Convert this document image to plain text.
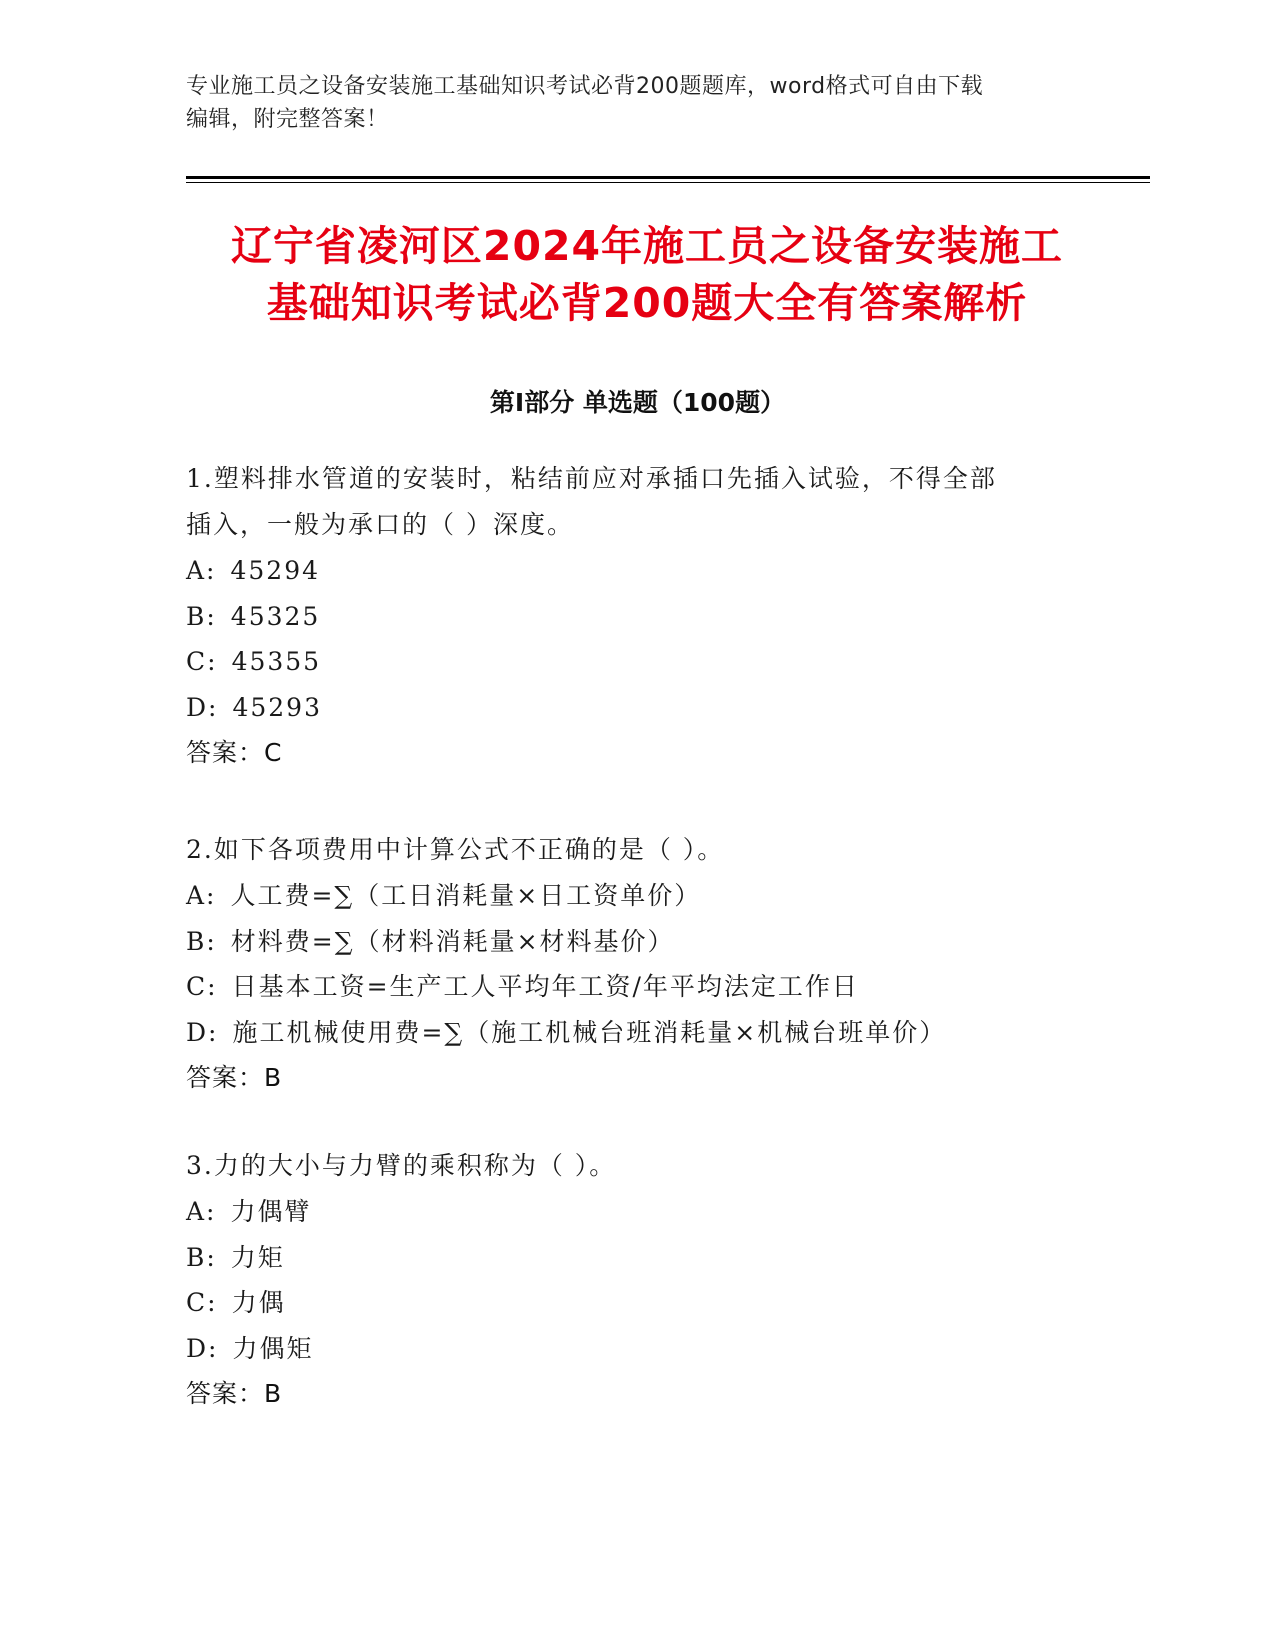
专业施工员之设备安装施工基础知识考试必背200题题库，word格式可自由下载
编辑，附完整答案！
辽宁省凌河区2024年施工员之设备安装施工
基础知识考试必背200题大全有答案解析
第Ⅰ部分 单选题（100题）
1.塑料排水管道的安装时，粘结前应对承插口先插入试验，不得全部
插入，一般为承口的（ ）深度。
A: 45294
B: 45325
C: 45355
D: 45293
答案：C
2.如下各项费用中计算公式不正确的是（ ）。
A: 人工费=∑（工日消耗量×日工资单价）
B: 材料费=∑（材料消耗量×材料基价）
C: 日基本工资=生产工人平均年工资/年平均法定工作日
D: 施工机械使用费=∑（施工机械台班消耗量×机械台班单价）
答案：B
3.力的大小与力臂的乘积称为（ ）。
A: 力偶臂
B: 力矩
C: 力偶
D: 力偶矩
答案：B
